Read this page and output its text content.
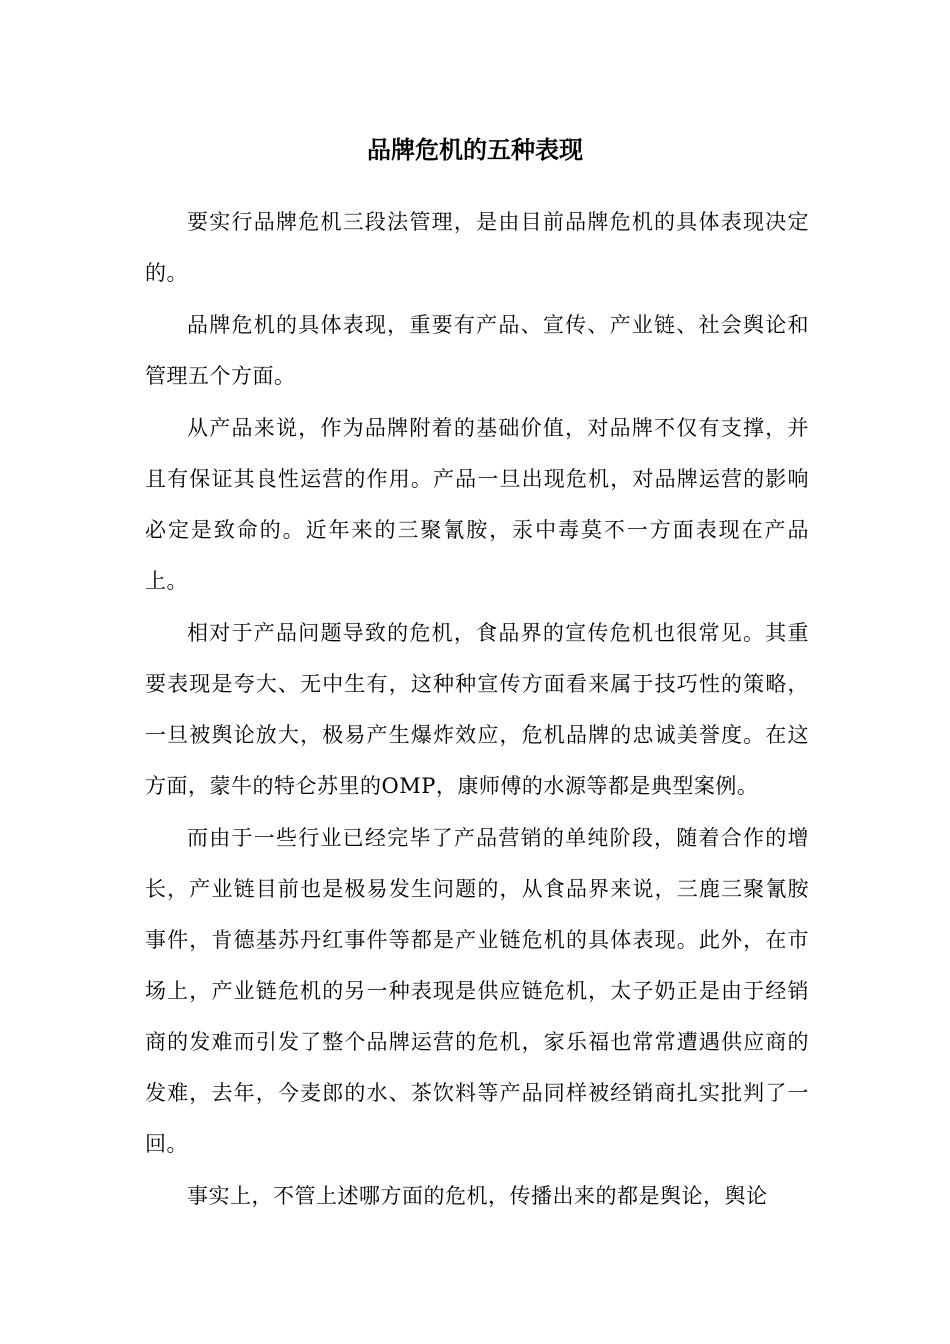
品牌危机的五种表现

要实行品牌危机三段法管理，是由目前品牌危机的具体表现决定的。

品牌危机的具体表现，重要有产品、宣传、产业链、社会舆论和管理五个方面。

从产品来说，作为品牌附着的基础价值，对品牌不仅有支撑，并且有保证其良性运营的作用。产品一旦出现危机，对品牌运营的影响必定是致命的。近年来的三聚氰胺，汞中毒莫不一方面表现在产品上。

相对于产品问题导致的危机，食品界的宣传危机也很常见。其重要表现是夸大、无中生有，这种种宣传方面看来属于技巧性的策略，一旦被舆论放大，极易产生爆炸效应，危机品牌的忠诚美誉度。在这方面，蒙牛的特仑苏里的OMP，康师傅的水源等都是典型案例。

而由于一些行业已经完毕了产品营销的单纯阶段，随着合作的增长，产业链目前也是极易发生问题的，从食品界来说，三鹿三聚氰胺事件，肯德基苏丹红事件等都是产业链危机的具体表现。此外，在市场上，产业链危机的另一种表现是供应链危机，太子奶正是由于经销商的发难而引发了整个品牌运营的危机，家乐福也常常遭遇供应商的发难，去年，今麦郎的水、茶饮料等产品同样被经销商扎实批判了一回。

事实上，不管上述哪方面的危机，传播出来的都是舆论，舆论
